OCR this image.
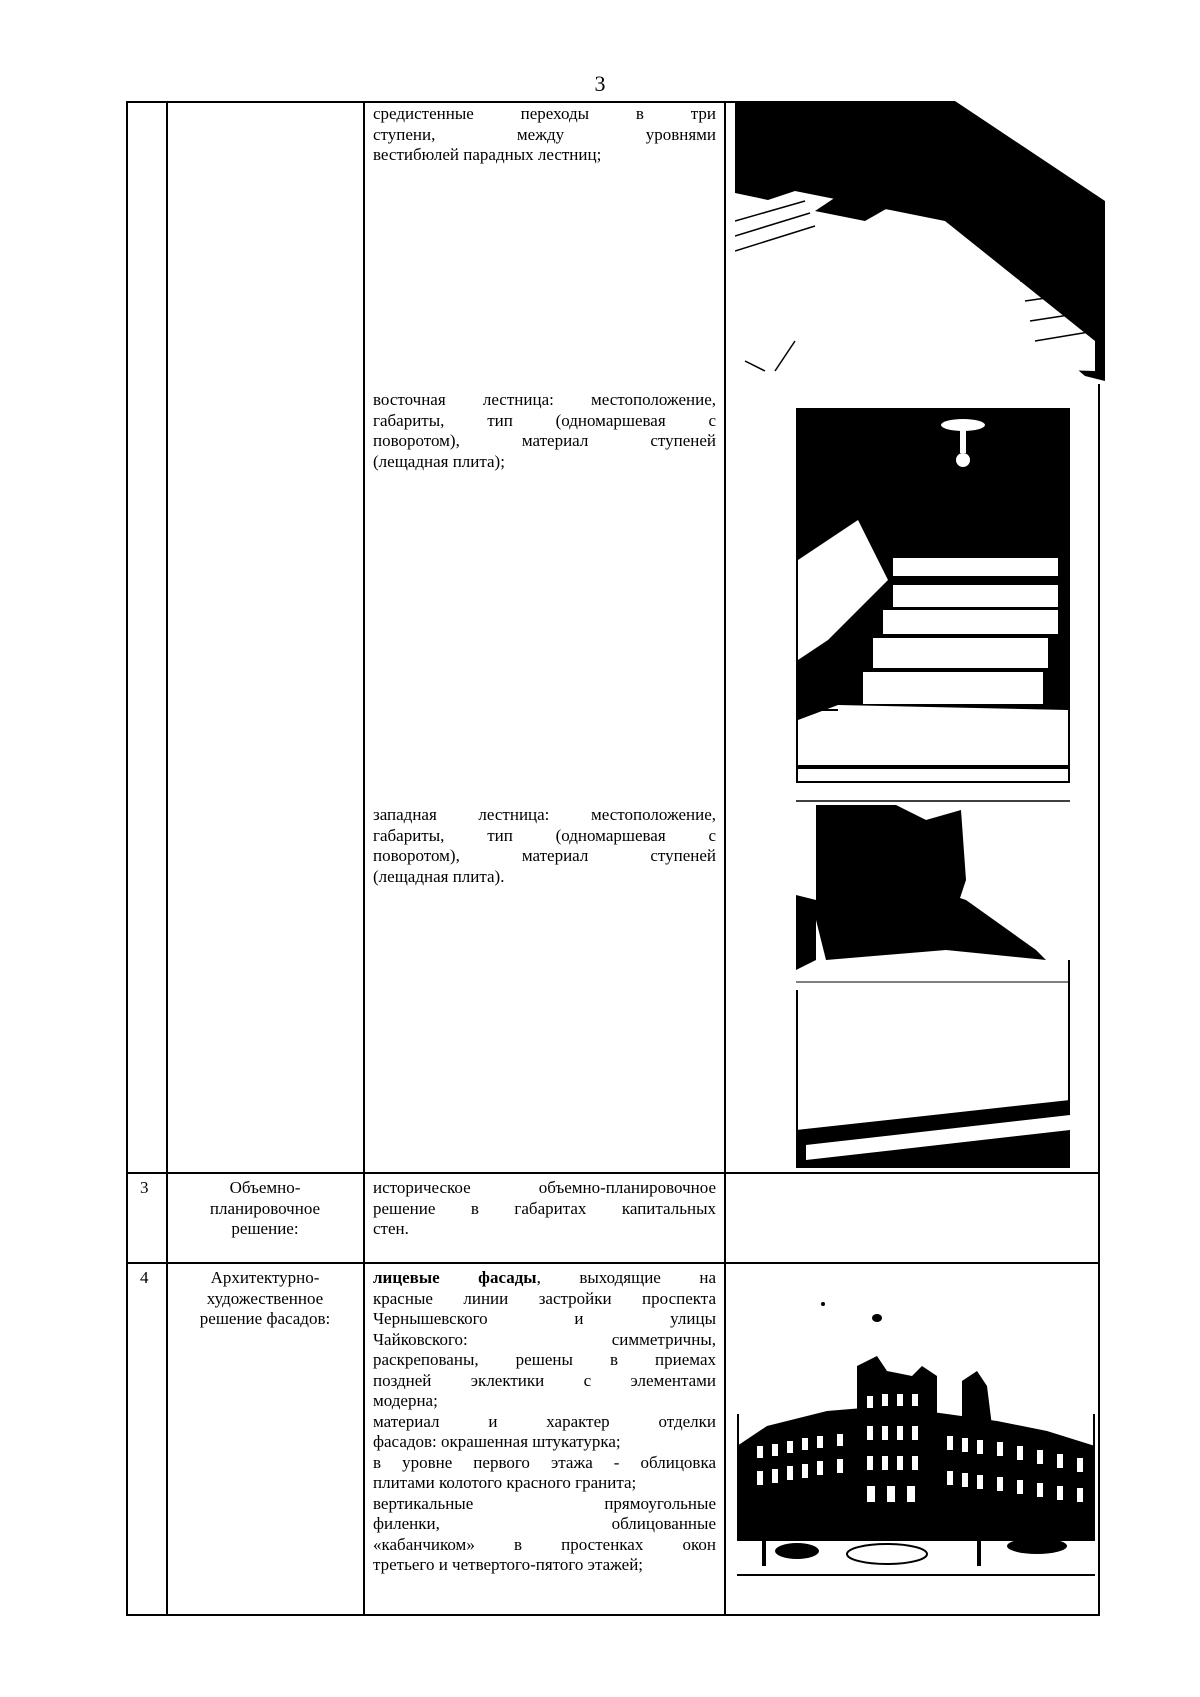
3
средистенные переходы в три
ступени, между уровнями
вестибюлей парадных лестниц;
восточная лестница: местоположение,
габариты, тип (одномаршевая с
поворотом), материал ступеней
(лещадная плита);
западная лестница: местоположение,
габариты, тип (одномаршевая с
поворотом), материал ступеней
(лещадная плита).
3	Объемно-
планировочное
решение:
историческое объемно-планировочное
решение в габаритах капитальных
стен.
4	Архитектурно-
художественное
решение фасадов:
лицевые фасады, выходящие на
красные линии застройки проспекта
Чернышевского и улицы
Чайковского: симметричны,
раскрепованы, решены в приемах
поздней эклектики с элементами
модерна;
материал и характер отделки
фасадов: окрашенная штукатурка;
в уровне первого этажа - облицовка
плитами колотого красного гранита;
вертикальные прямоугольные
филенки, облицованные
«кабанчиком» в простенках окон
третьего и четвертого-пятого этажей;
